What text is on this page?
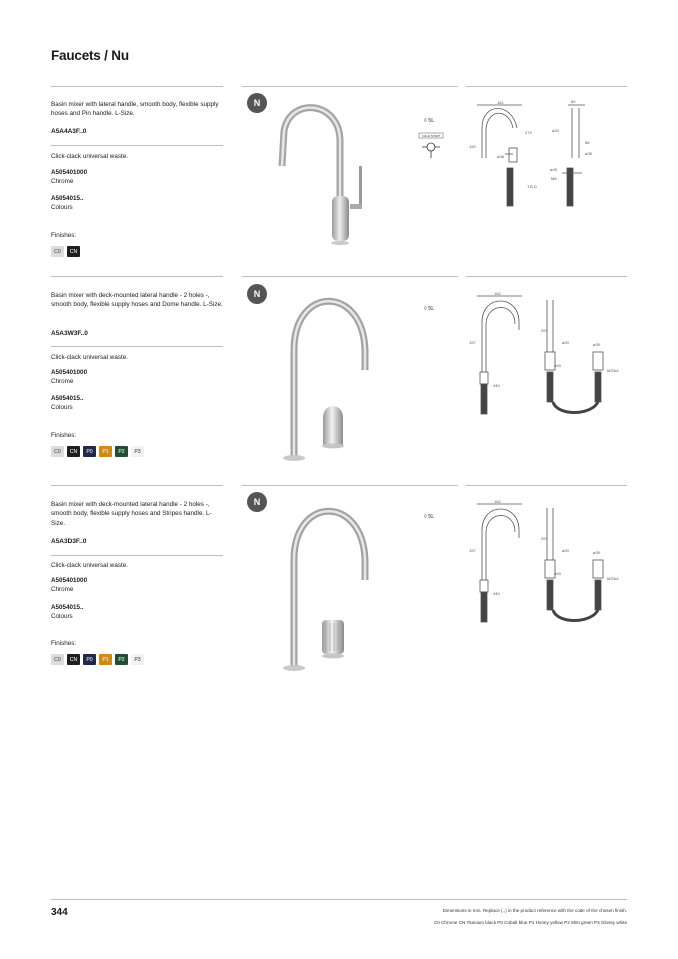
Faucets / Nu
Basin mixer with lateral handle, smooth body, flexible supply hoses and Pin handle. L-Size.
A5A4A3F..0
Click-clack universal waste.
A505401000
Chrome
A5054015..
Colours
Finishes:
C0	CN
N
◊ 5L
COLD START
161	69
274
190
ø38
ø20
T.B.D
ø45
M8
88
ø35
Basin mixer with deck-mounted lateral handle - 2 holes -, smooth body, flexible supply hoses and Dome handle. L-Size.
A5A3W3F..0
Click-clack universal waste.
A505401000
Chrome
A5054015..
Colours
Finishes:
C0	CN	P0	P1	P2	P3
N
◊ 5L
162
197
297
ø20
440
ø43
M33x1
ø35
Basin mixer with deck-mounted lateral handle - 2 holes -, smooth body, flexible supply hoses and Stripes handle. L-Size.
A5A3D3F..0
Click-clack universal waste.
A505401000
Chrome
A5054015..
Colours
Finishes:
C0	CN	P0	P1	P2	P3
N
◊ 5L
162
197
297
ø20
440
ø43
M33x1
ø35
344	Dimensions in mm. Replace (..) in the product reference with the code of the chosen finish.
C0 Chrome CN Titanium black P0 Cobalt blue P1 Honey yellow P2 Mint green P3 Glossy white
